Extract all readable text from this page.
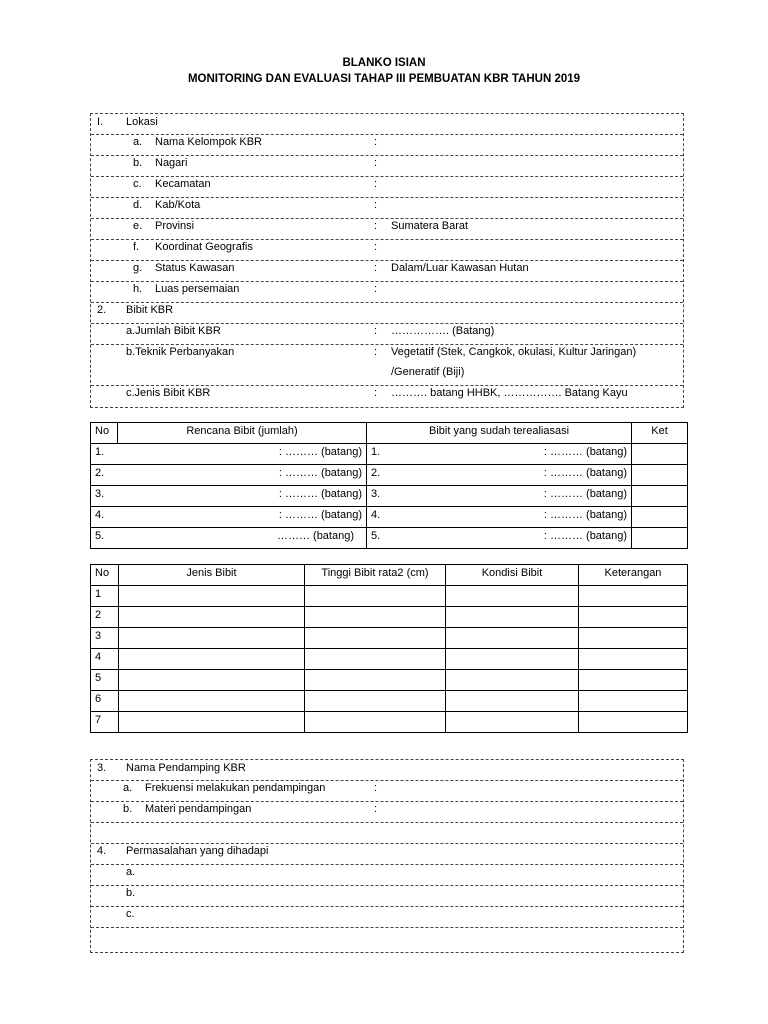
BLANKO ISIAN
MONITORING DAN EVALUASI TAHAP III PEMBUATAN KBR TAHUN 2019
I. Lokasi
a. Nama Kelompok KBR	:
b. Nagari	:
c. Kecamatan	:
d. Kab/Kota	:
e. Provinsi	: Sumatera Barat
f. Koordinat Geografis	:
g. Status Kawasan	: Dalam/Luar Kawasan Hutan
h. Luas persemaian	:
2. Bibit KBR
a.Jumlah Bibit KBR	: ……………. (Batang)
b.Teknik Perbanyakan	: Vegetatif (Stek, Cangkok, okulasi, Kultur Jaringan)
/Generatif (Biji)
c.Jenis Bibit KBR	: ………. batang HHBK, ……………. Batang Kayu
No	Rencana Bibit (jumlah)	Bibit yang sudah terealiasasi	Ket

1. : ……… (batang)		1. : ……… (batang)	

2. : ……… (batang)		2. : ……… (batang)	

3. : ……… (batang)		3. : ……… (batang)	

4. : ……… (batang)		4. : ……… (batang)	

5. ……… (batang)		5. : ……… (batang)	

No	Jenis Bibit	Tinggi Bibit rata2 (cm)	Kondisi Bibit	Keterangan
1				
2				
3				
4				
5				
6				
7				
3. Nama Pendamping KBR
a. Frekuensi melakukan pendampingan	:
b. Materi pendampingan	:
4. Permasalahan yang dihadapi
a.
b.
c.
